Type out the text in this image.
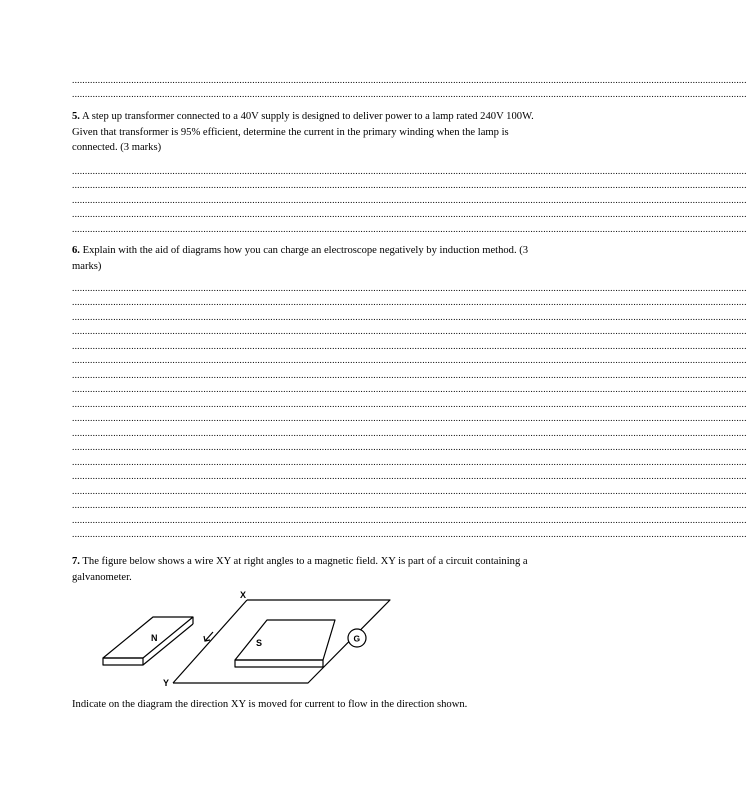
......................................................................................................................................................................................................................................................................
......................................................................................................................................................................................................................................................................
5. A step up transformer connected to a 40V supply is designed to deliver power to a lamp rated 240V 100W. Given that transformer is 95% efficient, determine the current in the primary winding when the lamp is connected. (3 marks)
......................................................................................................................................................................................................................................................................
......................................................................................................................................................................................................................................................................
......................................................................................................................................................................................................................................................................
......................................................................................................................................................................................................................................................................
......................................................................................................................................................................................................................................................................
6. Explain with the aid of diagrams how you can charge an electroscope negatively by induction method. (3 marks)
......................................................................................................................................................................................................................................................................
......................................................................................................................................................................................................................................................................
......................................................................................................................................................................................................................................................................
......................................................................................................................................................................................................................................................................
......................................................................................................................................................................................................................................................................
......................................................................................................................................................................................................................................................................
......................................................................................................................................................................................................................................................................
......................................................................................................................................................................................................................................................................
......................................................................................................................................................................................................................................................................
......................................................................................................................................................................................................................................................................
......................................................................................................................................................................................................................................................................
......................................................................................................................................................................................................................................................................
......................................................................................................................................................................................................................................................................
......................................................................................................................................................................................................................................................................
......................................................................................................................................................................................................................................................................
......................................................................................................................................................................................................................................................................
......................................................................................................................................................................................................................................................................
......................................................................................................................................................................................................................................................................
7. The figure below shows a wire XY at right angles to a magnetic field. XY is part of a circuit containing a galvanometer.
X
Y
N	S	G
Indicate on the diagram the direction XY is moved for current to flow in the direction shown.
